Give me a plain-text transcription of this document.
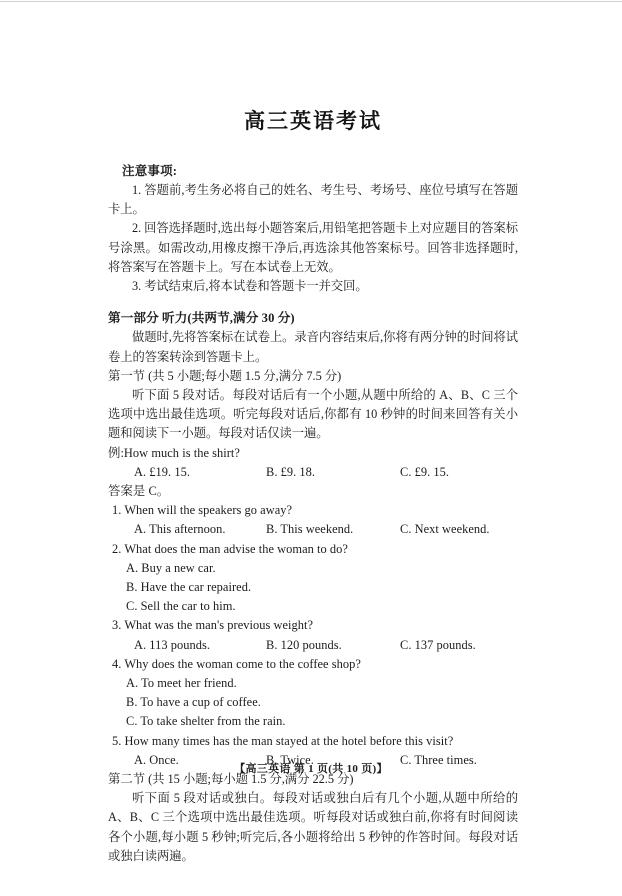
高三英语考试
注意事项:
1. 答题前,考生务必将自己的姓名、考生号、考场号、座位号填写在答题卡上。
2. 回答选择题时,选出每小题答案后,用铅笔把答题卡上对应题目的答案标号涂黑。如需改动,用橡皮擦干净后,再选涂其他答案标号。回答非选择题时,将答案写在答题卡上。写在本试卷上无效。
3. 考试结束后,将本试卷和答题卡一并交回。
第一部分 听力(共两节,满分 30 分)
做题时,先将答案标在试卷上。录音内容结束后,你将有两分钟的时间将试卷上的答案转涂到答题卡上。
第一节 (共 5 小题;每小题 1.5 分,满分 7.5 分)
听下面 5 段对话。每段对话后有一个小题,从题中所给的 A、B、C 三个选项中选出最佳选项。听完每段对话后,你都有 10 秒钟的时间来回答有关小题和阅读下一小题。每段对话仅读一遍。
例:How much is the shirt?
A. £19. 15.	B. £9. 18.	C. £9. 15.
答案是 C。
1. When will the speakers go away?
A. This afternoon.	B. This weekend.	C. Next weekend.
2. What does the man advise the woman to do?
A. Buy a new car.
B. Have the car repaired.
C. Sell the car to him.
3. What was the man's previous weight?
A. 113 pounds.	B. 120 pounds.	C. 137 pounds.
4. Why does the woman come to the coffee shop?
A. To meet her friend.
B. To have a cup of coffee.
C. To take shelter from the rain.
5. How many times has the man stayed at the hotel before this visit?
A. Once.	B. Twice.	C. Three times.
第二节 (共 15 小题;每小题 1.5 分,满分 22.5 分)
听下面 5 段对话或独白。每段对话或独白后有几个小题,从题中所给的 A、B、C 三个选项中选出最佳选项。听每段对话或独白前,你将有时间阅读各个小题,每小题 5 秒钟;听完后,各小题将给出 5 秒钟的作答时间。每段对话或独白读两遍。
【高三英语 第 1 页(共 10 页)】
